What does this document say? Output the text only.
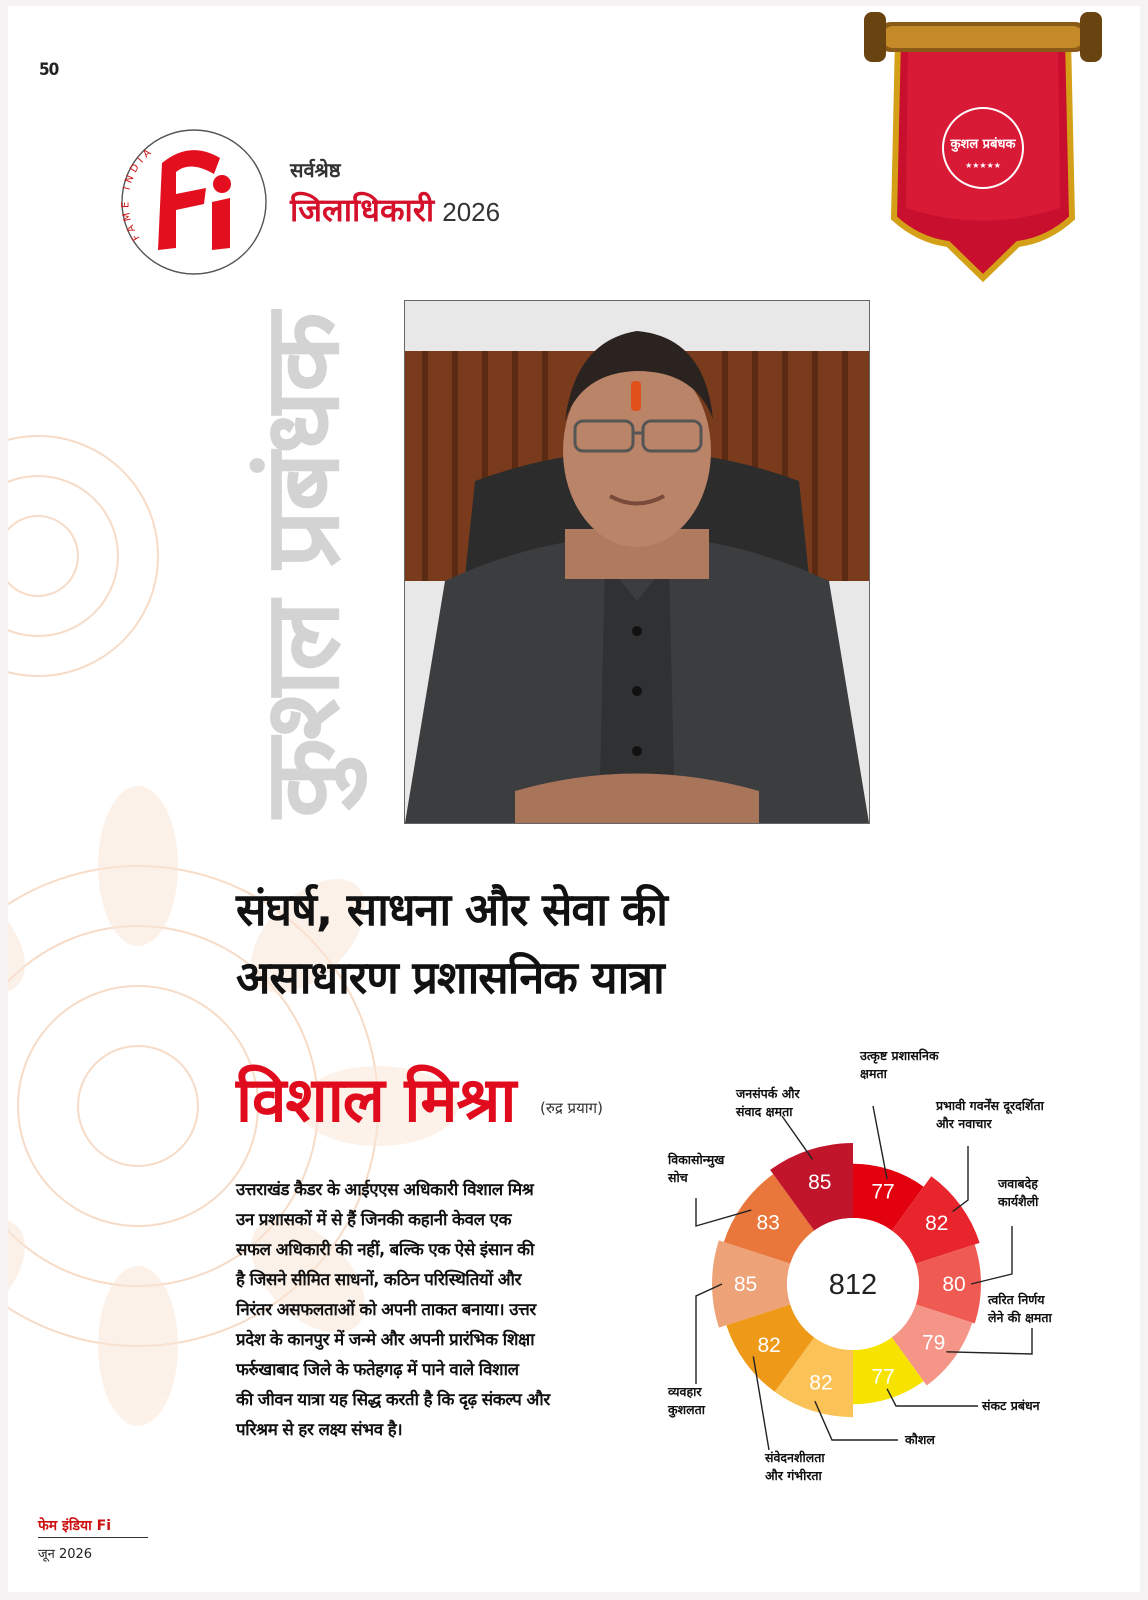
50
FAME INDIA
सर्वश्रेष्ठ
जिलाधिकारी 2026
कुशल प्रबंधक
★★★★★
कुशल प्रबंधक
संघर्ष, साधना और सेवा की
असाधारण प्रशासनिक यात्रा
विशाल मिश्रा (रुद्र प्रयाग)
उत्तराखंड कैडर के आईएएस अधिकारी विशाल मिश्र
उन प्रशासकों में से हैं जिनकी कहानी केवल एक
सफल अधिकारी की नहीं, बल्कि एक ऐसे इंसान की
है जिसने सीमित साधनों, कठिन परिस्थितियों और
निरंतर असफलताओं को अपनी ताकत बनाया। उत्तर
प्रदेश के कानपुर में जन्मे और अपनी प्रारंभिक शिक्षा
फर्रुखाबाद जिले के फतेहगढ़ में पाने वाले विशाल
की जीवन यात्रा यह सिद्ध करती है कि दृढ़ संकल्प और
परिश्रम से हर लक्ष्य संभव है।
77
उत्कृष्ट प्रशासनिक
क्षमता
82
प्रभावी गवर्नेंस दूरदर्शिता
और नवाचार
80
जवाबदेह
कार्यशैली
79
त्वरित निर्णय
लेने की क्षमता
77
संकट प्रबंधन
82
कौशल
82
संवेदनशीलता
और गंभीरता
85
व्यवहार
कुशलता
83
विकासोन्मुख
सोच	85
जनसंपर्क और
संवाद क्षमता
812
फेम इंडिया Fi
जून 2026
